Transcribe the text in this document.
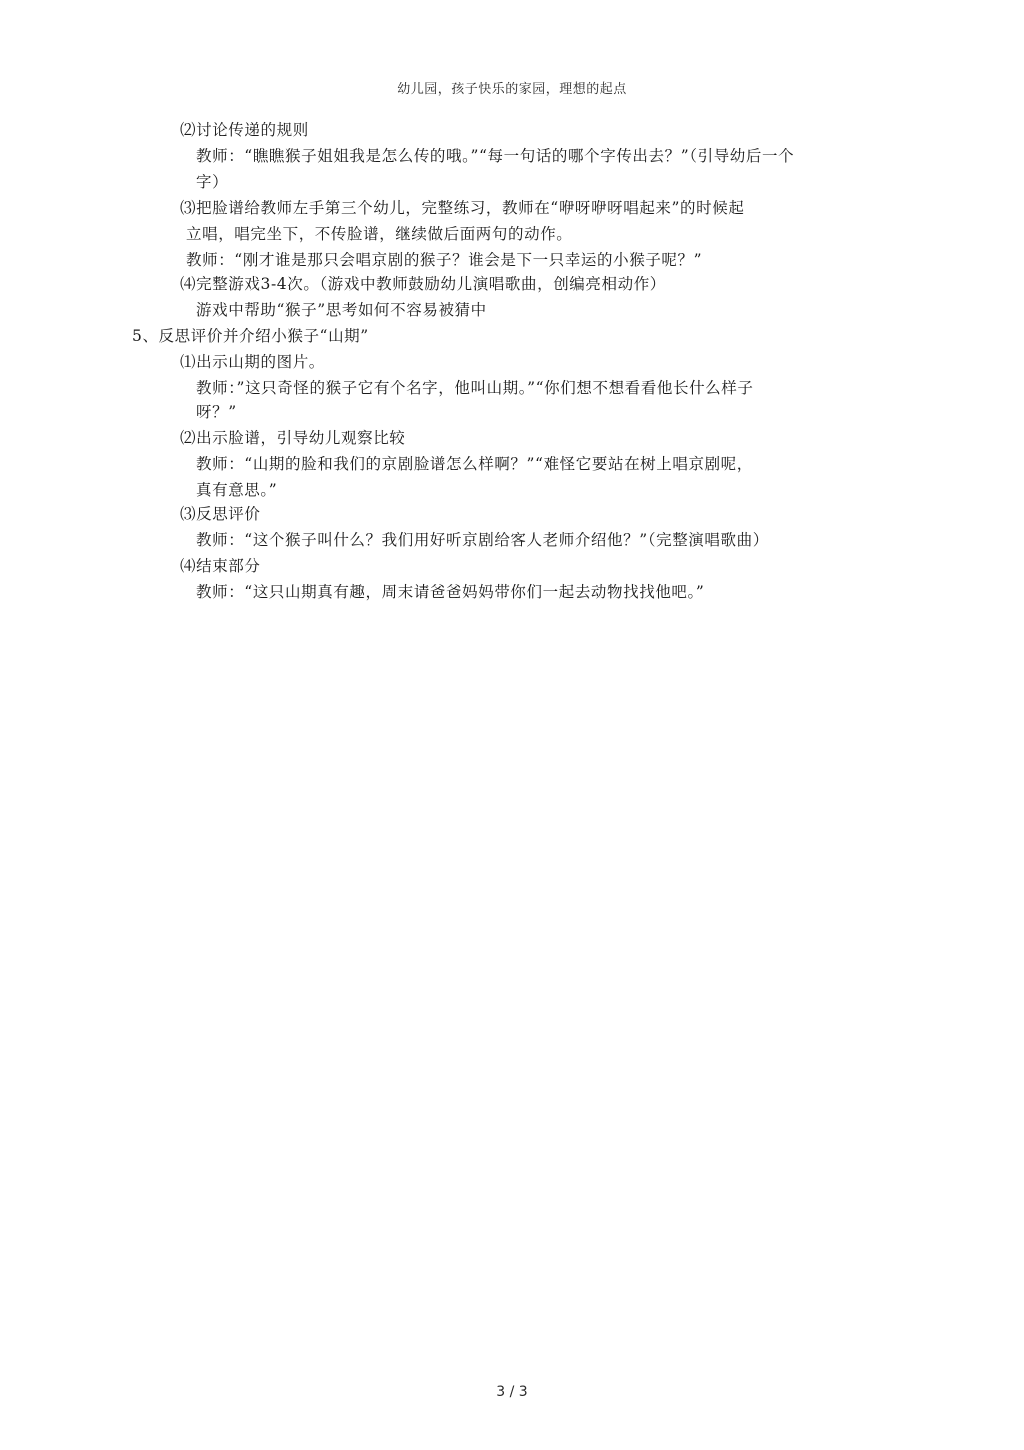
幼儿园，孩子快乐的家园，理想的起点
⑵讨论传递的规则
教师：“瞧瞧猴子姐姐我是怎么传的哦。”“每一句话的哪个字传出去？”（引导幼后一个
字）
⑶把脸谱给教师左手第三个幼儿，完整练习，教师在“咿呀咿呀唱起来”的时候起
立唱，唱完坐下，不传脸谱，继续做后面两句的动作。
教师：“刚才谁是那只会唱京剧的猴子？谁会是下一只幸运的小猴子呢？”
⑷完整游戏3-4次。（游戏中教师鼓励幼儿演唱歌曲，创编亮相动作）
游戏中帮助“猴子”思考如何不容易被猜中
5、反思评价并介绍小猴子“山期”
⑴出示山期的图片。
教师：”这只奇怪的猴子它有个名字，他叫山期。”“你们想不想看看他长什么样子
呀？”
⑵出示脸谱，引导幼儿观察比较
教师：“山期的脸和我们的京剧脸谱怎么样啊？”“难怪它要站在树上唱京剧呢，
真有意思。”
⑶反思评价
教师：“这个猴子叫什么？我们用好听京剧给客人老师介绍他？”（完整演唱歌曲）
⑷结束部分
教师：“这只山期真有趣，周末请爸爸妈妈带你们一起去动物找找他吧。”
3 / 3
